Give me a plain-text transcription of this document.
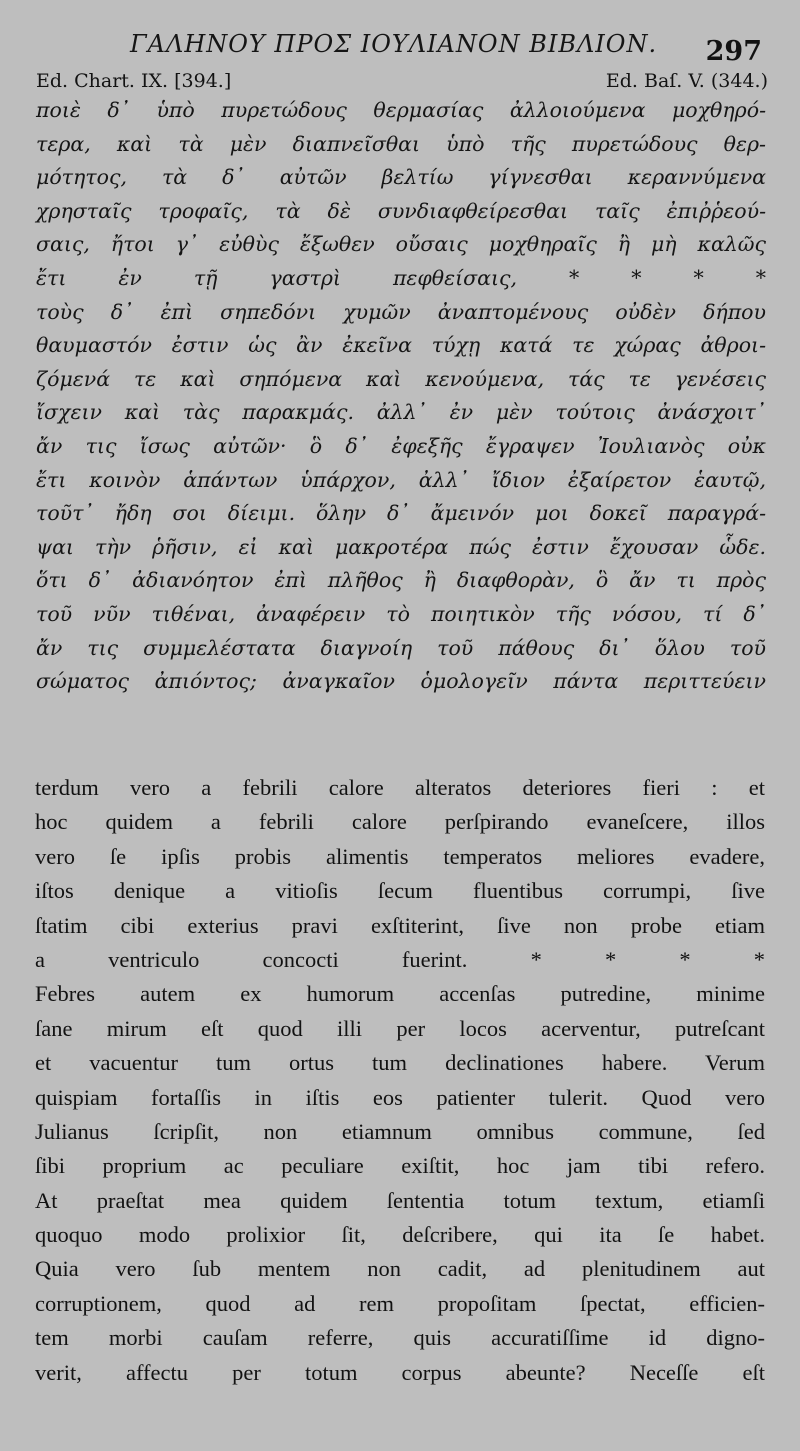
ΓΑΛΗΝΟΥ ΠΡΟΣ ΙΟΥΛΙΑΝΟΝ ΒΙΒΛΙΟΝ.	297
Ed. Chart. IX. [394.]	Ed. Baſ. V. (344.)
ποιὲ δ᾽ ὑπὸ πυρετώδους θερμασίας ἀλλοιούμενα μοχθηρό-
τερα, καὶ τὰ μὲν διαπνεῖσθαι ὑπὸ τῆς πυρετώδους θερ-
μότητος, τὰ δ᾽ αὐτῶν βελτίω γίγνεσθαι κεραννύμενα
χρησταῖς τροφαῖς, τὰ δὲ συνδιαφθείρεσθαι ταῖς ἐπιῤῥεού-
σαις, ἤτοι γ᾽ εὐθὺς ἔξωθεν οὔσαις μοχθηραῖς ἢ μὴ καλῶς
ἔτι ἐν τῇ γαστρὶ πεφθείσαις, * * * *
τοὺς δ᾽ ἐπὶ σηπεδόνι χυμῶν ἀναπτομένους οὐδὲν δήπου
θαυμαστόν ἐστιν ὡς ἂν ἐκεῖνα τύχῃ κατά τε χώρας ἀθροι-
ζόμενά τε καὶ σηπόμενα καὶ κενούμενα, τάς τε γενέσεις
ἴσχειν καὶ τὰς παρακμάς. ἀλλ᾽ ἐν μὲν τούτοις ἀνάσχοιτ᾽
ἄν τις ἴσως αὐτῶν· ὃ δ᾽ ἐφεξῆς ἔγραψεν Ἰουλιανὸς οὐκ
ἔτι κοινὸν ἁπάντων ὑπάρχον, ἀλλ᾽ ἴδιον ἐξαίρετον ἑαυτῷ,
τοῦτ᾽ ἤδη σοι δίειμι. ὅλην δ᾽ ἄμεινόν μοι δοκεῖ παραγρά-
ψαι τὴν ῥῆσιν, εἰ καὶ μακροτέρα πώς ἐστιν ἔχουσαν ὧδε.
ὅτι δ᾽ ἀδιανόητον ἐπὶ πλῆθος ἢ διαφθορὰν, ὃ ἄν τι πρὸς
τοῦ νῦν τιθέναι, ἀναφέρειν τὸ ποιητικὸν τῆς νόσου, τί δ᾽
ἄν τις συμμελέστατα διαγνοίη τοῦ πάθους δι᾽ ὅλου τοῦ
σώματος ἀπιόντος; ἀναγκαῖον ὁμολογεῖν πάντα περιττεύειν
terdum vero a febrili calore alteratos deteriores fieri : et
hoc quidem a febrili calore perſpirando evaneſcere, illos
vero ſe ipſis probis alimentis temperatos meliores evadere,
iſtos denique a vitioſis ſecum fluentibus corrumpi, ſive
ſtatim cibi exterius pravi exſtiterint, ſive non probe etiam
a ventriculo concocti fuerint. * * * *
Febres autem ex humorum accenſas putredine, minime
ſane mirum eſt quod illi per locos acerventur, putreſcant
et vacuentur tum ortus tum declinationes habere. Verum
quispiam fortaſſis in iſtis eos patienter tulerit. Quod vero
Julianus ſcripſit, non etiamnum omnibus commune, ſed
ſibi proprium ac peculiare exiſtit, hoc jam tibi refero.
At praeſtat mea quidem ſententia totum textum, etiamſi
quoquo modo prolixior ſit, deſcribere, qui ita ſe habet.
Quia vero ſub mentem non cadit, ad plenitudinem aut
corruptionem, quod ad rem propoſitam ſpectat, efficien-
tem morbi cauſam referre, quis accuratiſſime id digno-
verit, affectu per totum corpus abeunte? Neceſſe eſt
